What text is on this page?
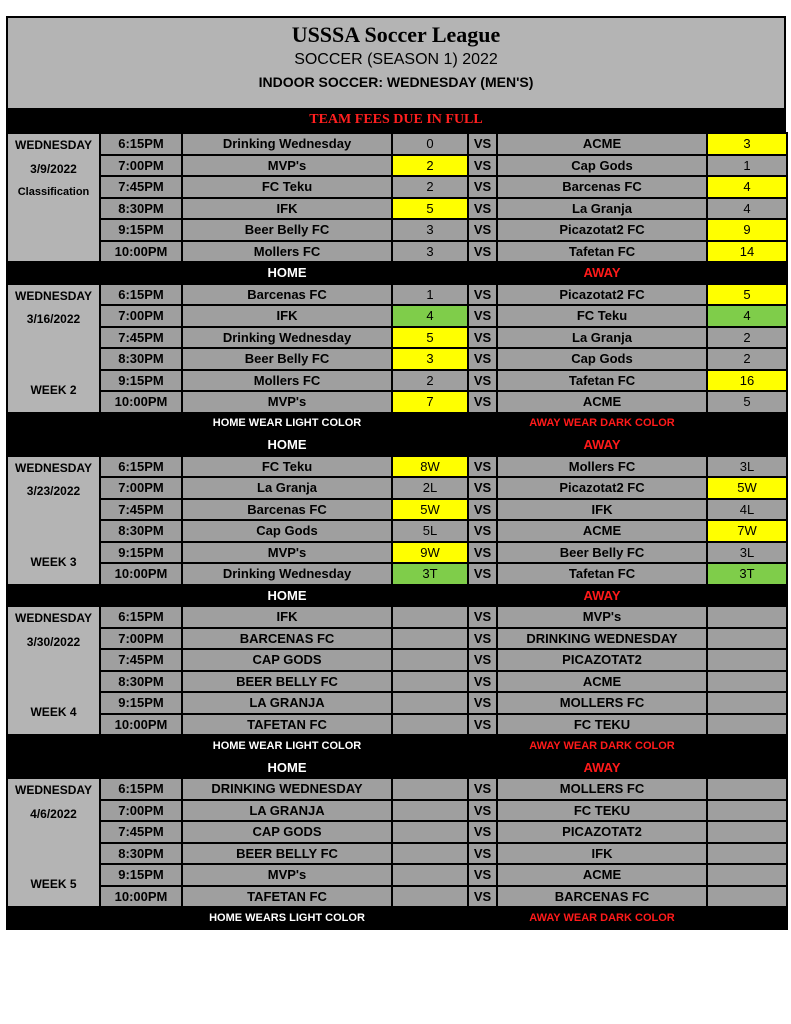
USSSA Soccer League
SOCCER (SEASON 1) 2022
INDOOR SOCCER: WEDNESDAY (MEN'S)
TEAM FEES DUE IN FULL
WEDNESDAY
3/9/2022
Classification	6:15PM	Drinking Wednesday	0	VS	ACME	3
	7:00PM	MVP's	2	VS	Cap Gods	1
	7:45PM	FC Teku	2	VS	Barcenas FC	4
	8:30PM	IFK	5	VS	La Granja	4
	9:15PM	Beer Belly FC	3	VS	Picazotat2 FC	9
	10:00PM	Mollers FC	3	VS	Tafetan FC	14
		HOME			AWAY	

WEDNESDAY
3/16/2022
WEEK 2	6:15PM	Barcenas FC	1	VS	Picazotat2 FC	5
	7:00PM	IFK	4	VS	FC Teku	4
	7:45PM	Drinking Wednesday	5	VS	La Granja	2
	8:30PM	Beer Belly FC	3	VS	Cap Gods	2
	9:15PM	Mollers FC	2	VS	Tafetan FC	16
	10:00PM	MVP's	7	VS	ACME	5
		HOME WEAR LIGHT COLOR			AWAY WEAR DARK COLOR	
		HOME			AWAY	

WEDNESDAY
3/23/2022
WEEK 3	6:15PM	FC Teku	8W	VS	Mollers FC	3L
	7:00PM	La Granja	2L	VS	Picazotat2 FC	5W
	7:45PM	Barcenas FC	5W	VS	IFK	4L
	8:30PM	Cap Gods	5L	VS	ACME	7W
	9:15PM	MVP's	9W	VS	Beer Belly FC	3L
	10:00PM	Drinking Wednesday	3T	VS	Tafetan FC	3T
		HOME			AWAY	

WEDNESDAY
3/30/2022
WEEK 4	6:15PM	IFK		VS	MVP's	
	7:00PM	BARCENAS FC		VS	DRINKING WEDNESDAY	
	7:45PM	CAP GODS		VS	PICAZOTAT2	
	8:30PM	BEER BELLY FC		VS	ACME	
	9:15PM	LA GRANJA		VS	MOLLERS FC	
	10:00PM	TAFETAN FC		VS	FC TEKU	
		HOME WEAR LIGHT COLOR			AWAY WEAR DARK COLOR	
		HOME			AWAY	

WEDNESDAY
4/6/2022
WEEK 5	6:15PM	DRINKING WEDNESDAY		VS	MOLLERS FC	
	7:00PM	LA GRANJA		VS	FC TEKU	
	7:45PM	CAP GODS		VS	PICAZOTAT2	
	8:30PM	BEER BELLY FC		VS	IFK	
	9:15PM	MVP's		VS	ACME	
	10:00PM	TAFETAN FC		VS	BARCENAS FC	
		HOME WEARS LIGHT COLOR			AWAY WEAR DARK COLOR	
